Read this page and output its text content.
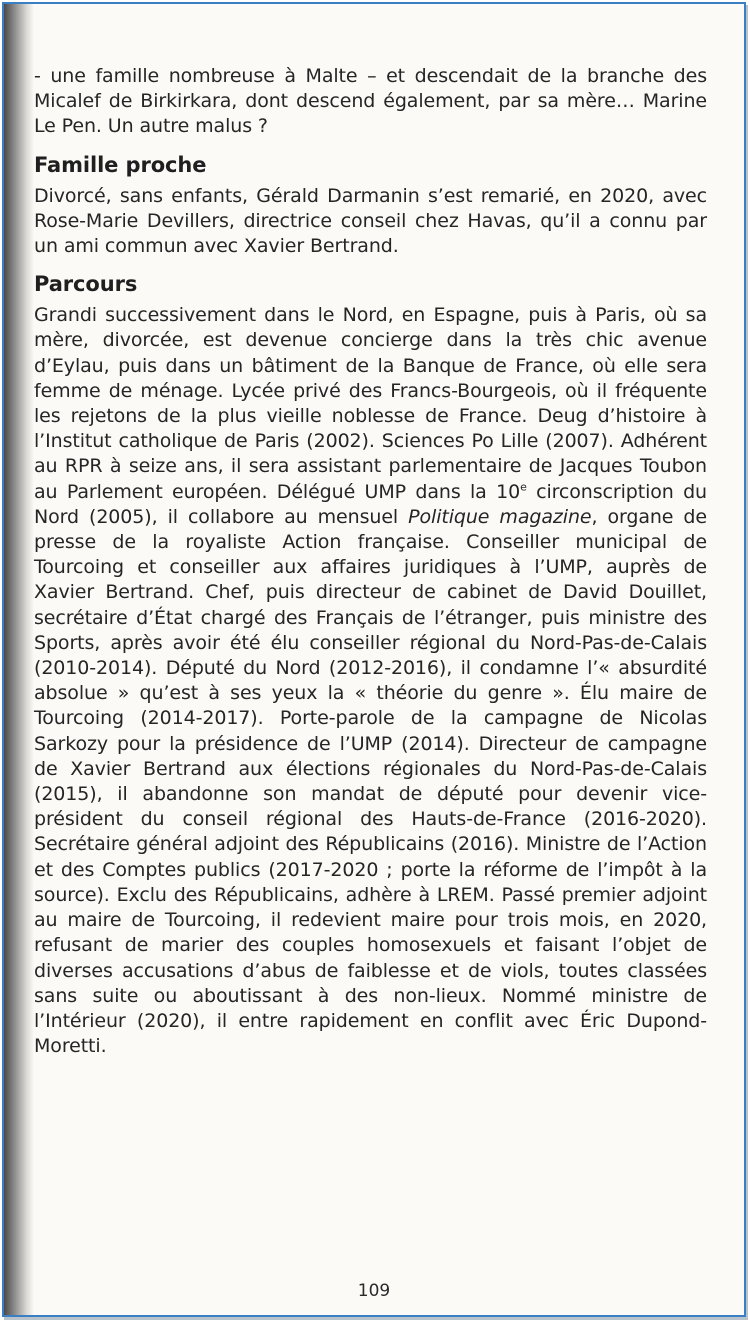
- une famille nombreuse à Malte – et descendait de la branche des Micalef de Birkirkara, dont descend également, par sa mère… Marine Le Pen. Un autre malus ?

Famille proche

Divorcé, sans enfants, Gérald Darmanin s’est remarié, en 2020, avec Rose-Marie Devillers, directrice conseil chez Havas, qu’il a connu par un ami commun avec Xavier Bertrand.

Parcours

Grandi successivement dans le Nord, en Espagne, puis à Paris, où sa mère, divorcée, est devenue concierge dans la très chic avenue d’Eylau, puis dans un bâtiment de la Banque de France, où elle sera femme de ménage. Lycée privé des Francs-Bourgeois, où il fréquente les rejetons de la plus vieille noblesse de France. Deug d’histoire à l’Institut catholique de Paris (2002). Sciences Po Lille (2007). Adhérent au RPR à seize ans, il sera assistant parlementaire de Jacques Toubon au Parlement européen. Délégué UMP dans la 10e circonscription du Nord (2005), il collabore au mensuel Politique magazine, organe de presse de la royaliste Action française. Conseiller municipal de Tourcoing et conseiller aux affaires juridiques à l’UMP, auprès de Xavier Bertrand. Chef, puis directeur de cabinet de David Douillet, secrétaire d’État chargé des Français de l’étranger, puis ministre des Sports, après avoir été élu conseiller régional du Nord-Pas-de-Calais (2010-2014). Député du Nord (2012-2016), il condamne l’« absurdité absolue » qu’est à ses yeux la « théorie du genre ». Élu maire de Tourcoing (2014-2017). Porte-parole de la campagne de Nicolas Sarkozy pour la présidence de l’UMP (2014). Directeur de campagne de Xavier Bertrand aux élections régionales du Nord-Pas-de-Calais (2015), il abandonne son mandat de député pour devenir vice-président du conseil régional des Hauts-de-France (2016-2020). Secrétaire général adjoint des Républicains (2016). Ministre de l’Action et des Comptes publics (2017-2020 ; porte la réforme de l’impôt à la source). Exclu des Républicains, adhère à LREM. Passé premier adjoint au maire de Tourcoing, il redevient maire pour trois mois, en 2020, refusant de marier des couples homosexuels et faisant l’objet de diverses accusations d’abus de faiblesse et de viols, toutes classées sans suite ou aboutissant à des non-lieux. Nommé ministre de l’Intérieur (2020), il entre rapidement en conflit avec Éric Dupond-Moretti.

109
